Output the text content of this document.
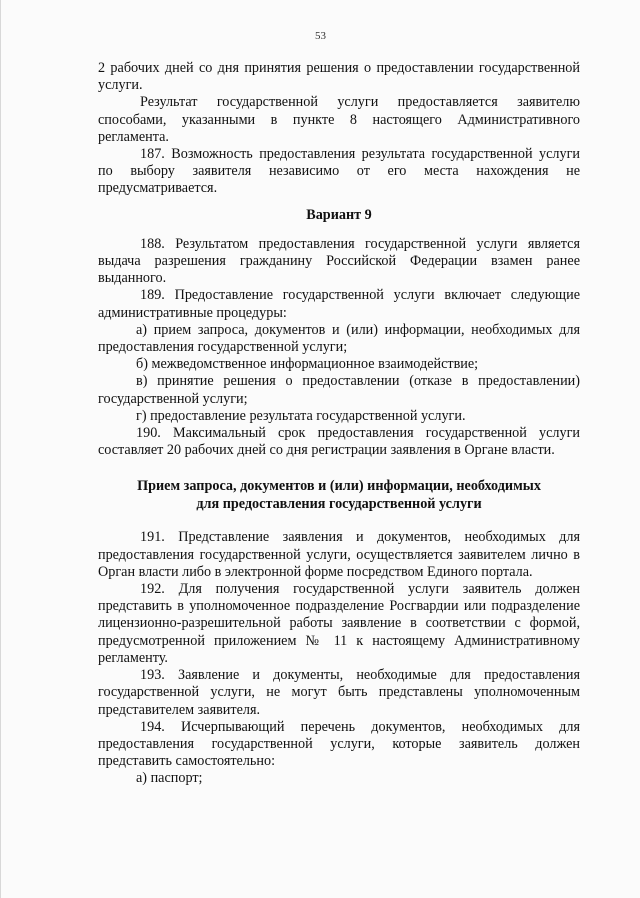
53

2 рабочих дней со дня принятия решения о предоставлении государственной услуги.

Результат государственной услуги предоставляется заявителю способами, указанными в пункте 8 настоящего Административного регламента.

187. Возможность предоставления результата государственной услуги по выбору заявителя независимо от его места нахождения не предусматривается.

Вариант 9

188. Результатом предоставления государственной услуги является выдача разрешения гражданину Российской Федерации взамен ранее выданного.

189. Предоставление государственной услуги включает следующие административные процедуры:

а) прием запроса, документов и (или) информации, необходимых для предоставления государственной услуги;

б) межведомственное информационное взаимодействие;

в) принятие решения о предоставлении (отказе в предоставлении) государственной услуги;

г) предоставление результата государственной услуги.

190. Максимальный срок предоставления государственной услуги составляет 20 рабочих дней со дня регистрации заявления в Органе власти.

Прием запроса, документов и (или) информации, необходимых
для предоставления государственной услуги

191. Представление заявления и документов, необходимых для предоставления государственной услуги, осуществляется заявителем лично в Орган власти либо в электронной форме посредством Единого портала.

192. Для получения государственной услуги заявитель должен представить в уполномоченное подразделение Росгвардии или подразделение лицензионно-разрешительной работы заявление в соответствии с формой, предусмотренной приложением № 11 к настоящему Административному регламенту.

193. Заявление и документы, необходимые для предоставления государственной услуги, не могут быть представлены уполномоченным представителем заявителя.

194. Исчерпывающий перечень документов, необходимых для предоставления государственной услуги, которые заявитель должен представить самостоятельно:

а) паспорт;
